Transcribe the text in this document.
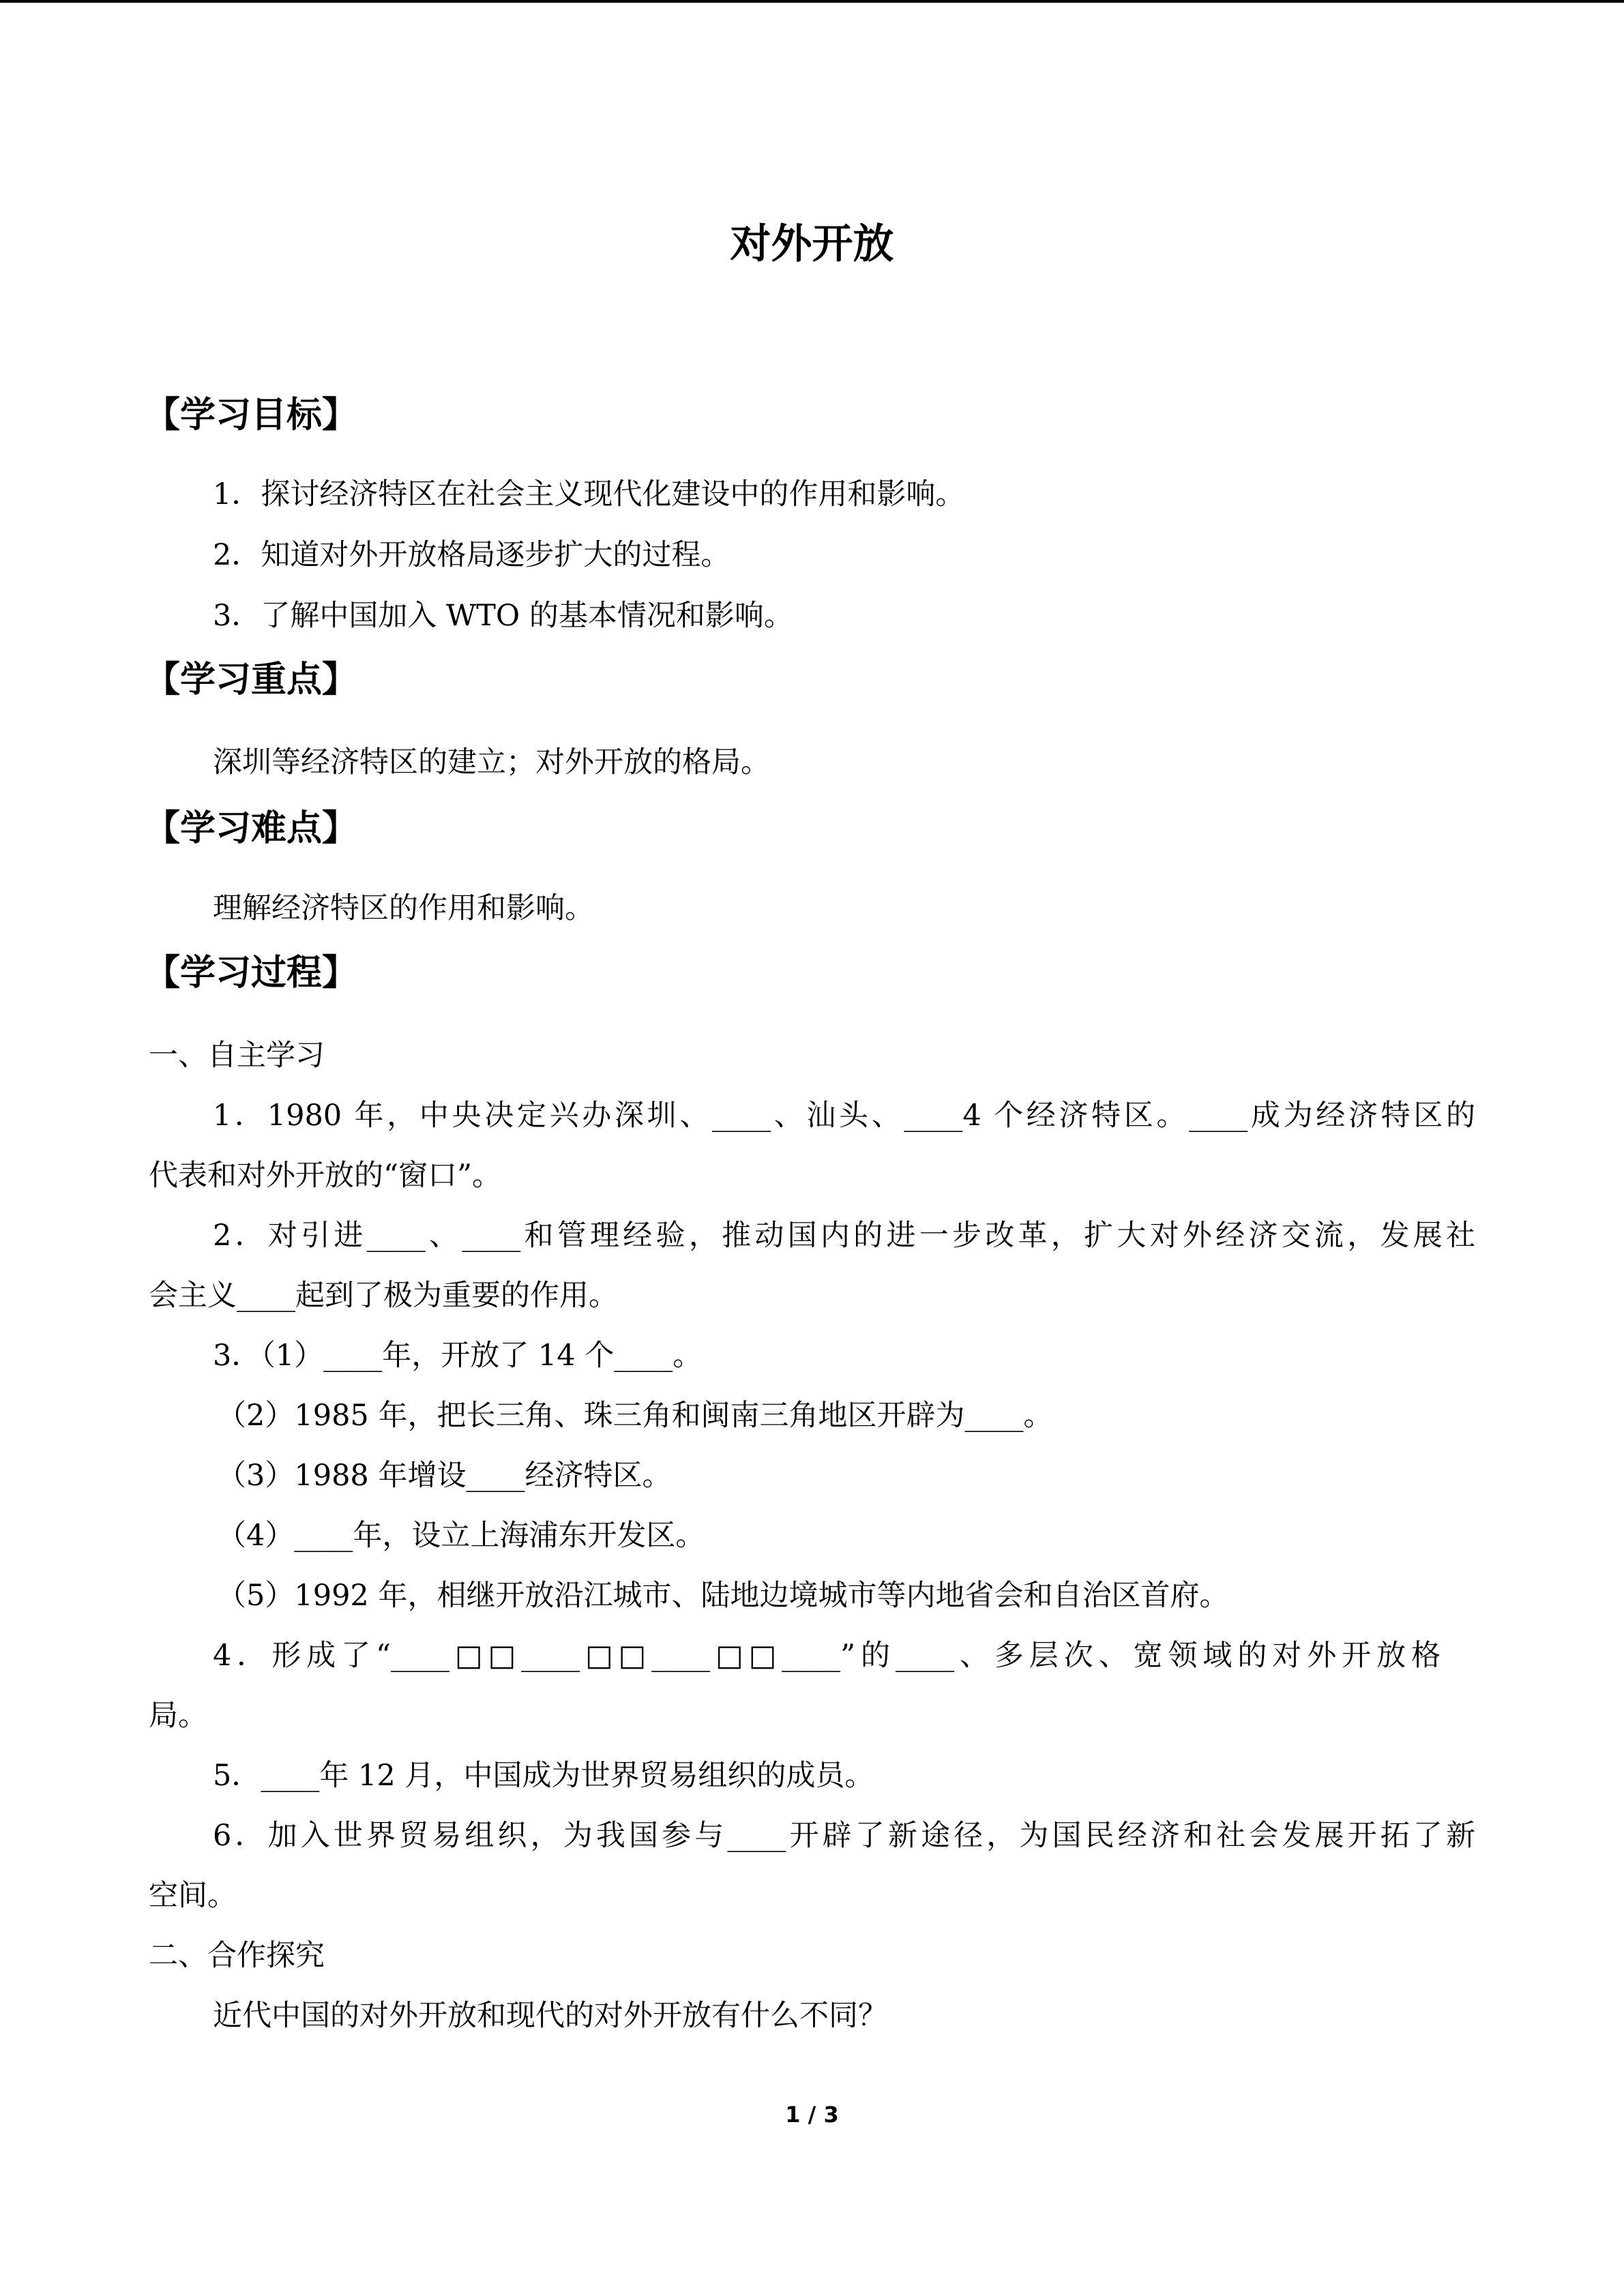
对外开放
【学习目标】
1．探讨经济特区在社会主义现代化建设中的作用和影响。
2．知道对外开放格局逐步扩大的过程。
3．了解中国加入 WTO 的基本情况和影响。
【学习重点】
深圳等经济特区的建立；对外开放的格局。
【学习难点】
理解经济特区的作用和影响。
【学习过程】
一、自主学习
1．1980 年，中央决定兴办深圳、____、汕头、____4 个经济特区。____成为经济特区的
代表和对外开放的“窗口”。
2．对引进____、____和管理经验，推动国内的进一步改革，扩大对外经济交流，发展社
会主义____起到了极为重要的作用。
3．（1）____年，开放了 14 个____。
（2）1985 年，把长三角、珠三角和闽南三角地区开辟为____。
（3）1988 年增设____经济特区。
（4）____年，设立上海浦东开发区。
（5）1992 年，相继开放沿江城市、陆地边境城市等内地省会和自治区首府。
4．形成了“____□□____□□____□□____”的____、多层次、宽领域的对外开放格
局。
5．____年 12 月，中国成为世界贸易组织的成员。
6．加入世界贸易组织，为我国参与____开辟了新途径，为国民经济和社会发展开拓了新
空间。
二、合作探究
近代中国的对外开放和现代的对外开放有什么不同？
1 / 3
